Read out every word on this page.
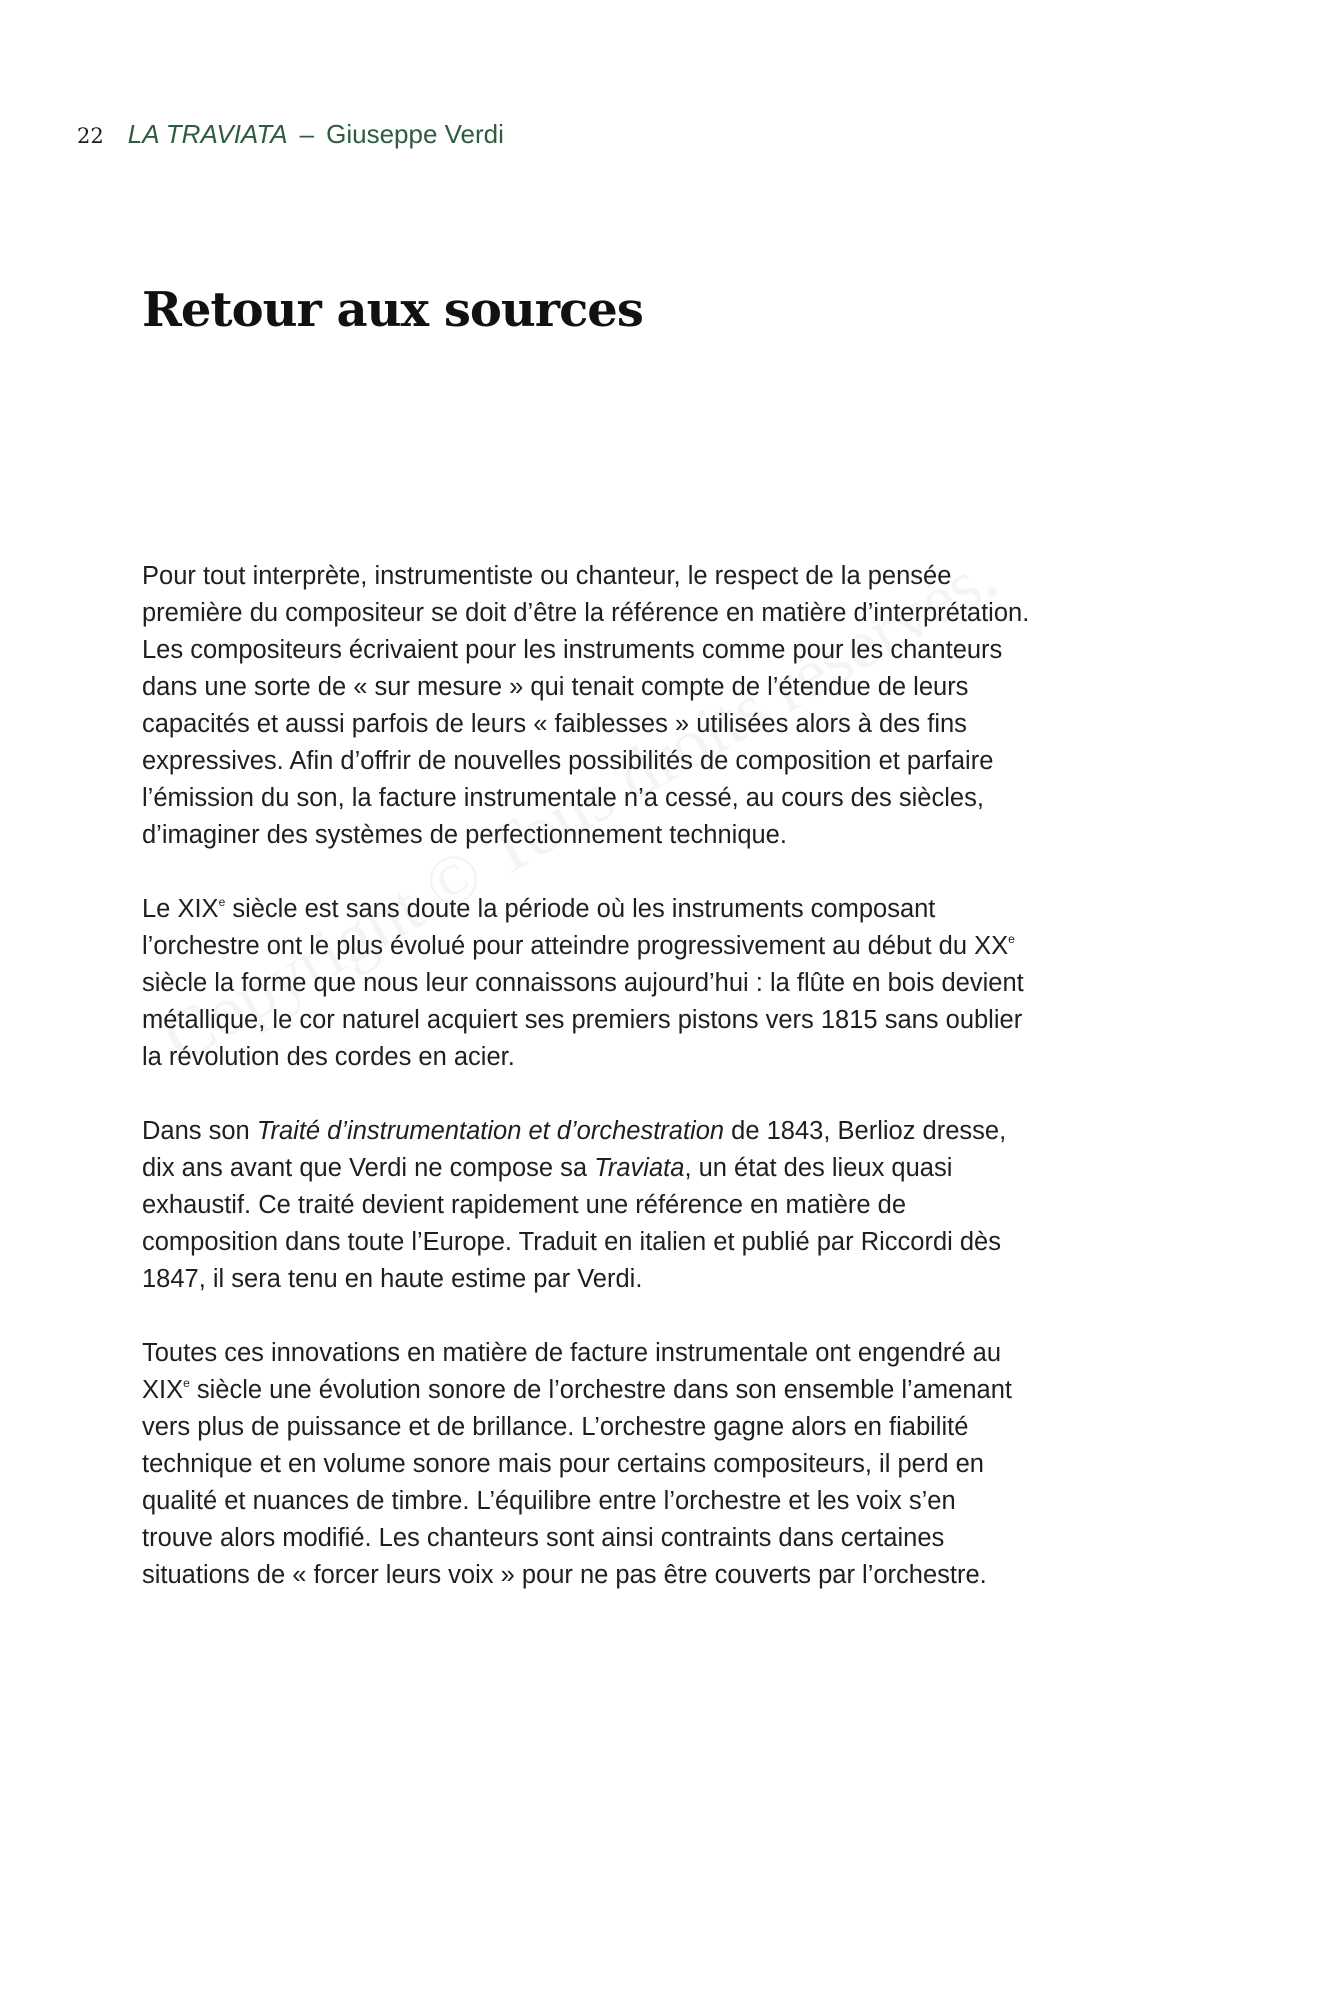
22 LA TRAVIATA – Giuseppe Verdi
Retour aux sources

Pour tout interprète, instrumentiste ou chanteur, le respect de la pensée
première du compositeur se doit d’être la référence en matière d’interprétation.
Les compositeurs écrivaient pour les instruments comme pour les chanteurs
dans une sorte de « sur mesure » qui tenait compte de l’étendue de leurs
capacités et aussi parfois de leurs « faiblesses » utilisées alors à des fins
expressives. Afin d’offrir de nouvelles possibilités de composition et parfaire
l’émission du son, la facture instrumentale n’a cessé, au cours des siècles,
d’imaginer des systèmes de perfectionnement technique.

Le XIXe siècle est sans doute la période où les instruments composant
l’orchestre ont le plus évolué pour atteindre progressivement au début du XXe
siècle la forme que nous leur connaissons aujourd’hui : la flûte en bois devient
métallique, le cor naturel acquiert ses premiers pistons vers 1815 sans oublier
la révolution des cordes en acier.

Dans son Traité d’instrumentation et d’orchestration de 1843, Berlioz dresse,
dix ans avant que Verdi ne compose sa Traviata, un état des lieux quasi
exhaustif. Ce traité devient rapidement une référence en matière de
composition dans toute l’Europe. Traduit en italien et publié par Riccordi dès
1847, il sera tenu en haute estime par Verdi.

Toutes ces innovations en matière de facture instrumentale ont engendré au
XIXe siècle une évolution sonore de l’orchestre dans son ensemble l’amenant
vers plus de puissance et de brillance. L’orchestre gagne alors en fiabilité
technique et en volume sonore mais pour certains compositeurs, il perd en
qualité et nuances de timbre. L’équilibre entre l’orchestre et les voix s’en
trouve alors modifié. Les chanteurs sont ainsi contraints dans certaines
situations de « forcer leurs voix » pour ne pas être couverts par l’orchestre.
